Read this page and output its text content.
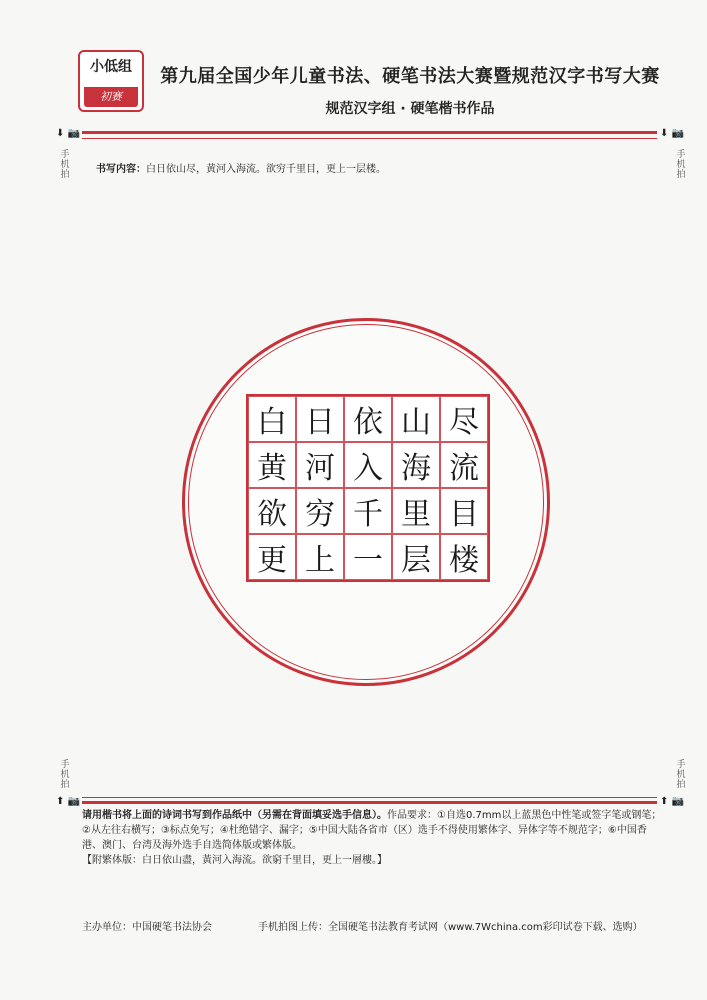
小低组
初赛
第九届全国少年儿童书法、硬笔书法大赛暨规范汉字书写大赛
规范汉字组 · 硬笔楷书作品
⬇ 📷	⬇ 📷
手
机
拍
手
机
拍
书写内容：白日依山尽，黄河入海流。欲穷千里目，更上一层楼。
白 日 依 山 尽
黄 河 入 海 流
欲 穷 千 里 目
更 上 一 层 楼
手
机
拍
手
机
拍
⬆ 📷	⬆ 📷
请用楷书将上面的诗词书写到作品纸中（另需在背面填妥选手信息）。作品要求：①自选0.7mm以上蓝黑色中性笔或签字笔或钢笔；②从左往右横写；③标点免写；④杜绝错字、漏字；⑤中国大陆各省市（区）选手不得使用繁体字、异体字等不规范字；⑥中国香港、澳门、台湾及海外选手自选简体版或繁体版。
【附繁体版：白日依山盡，黃河入海流。欲窮千里目，更上一層樓。】
主办单位：中国硬笔书法协会	手机拍图上传：全国硬笔书法教育考试网（www.7Wchina.com彩印试卷下载、选购）
